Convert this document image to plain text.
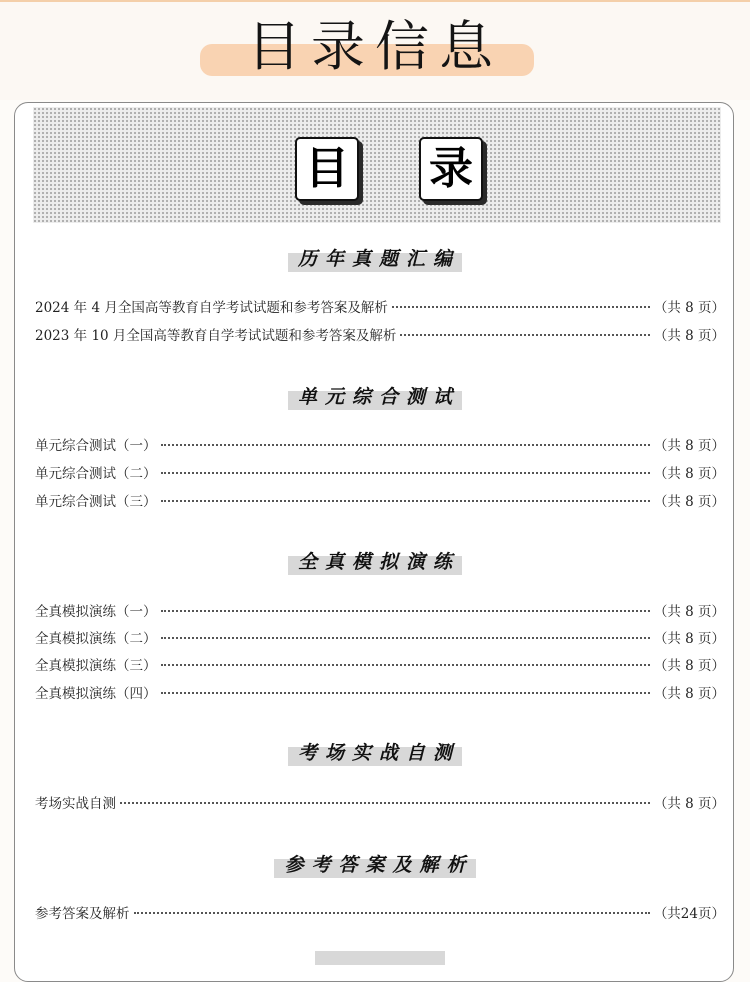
目录信息
目 录
历年真题汇编
2024 年 4 月全国高等教育自学考试试题和参考答案及解析	（共 8 页）
2023 年 10 月全国高等教育自学考试试题和参考答案及解析	（共 8 页）
单元综合测试
单元综合测试（一）	（共 8 页）
单元综合测试（二）	（共 8 页）
单元综合测试（三）	（共 8 页）
全真模拟演练
全真模拟演练（一）	（共 8 页）
全真模拟演练（二）	（共 8 页）
全真模拟演练（三）	（共 8 页）
全真模拟演练（四）	（共 8 页）
考场实战自测
考场实战自测	（共 8 页）
参考答案及解析
参考答案及解析	（共24页）
